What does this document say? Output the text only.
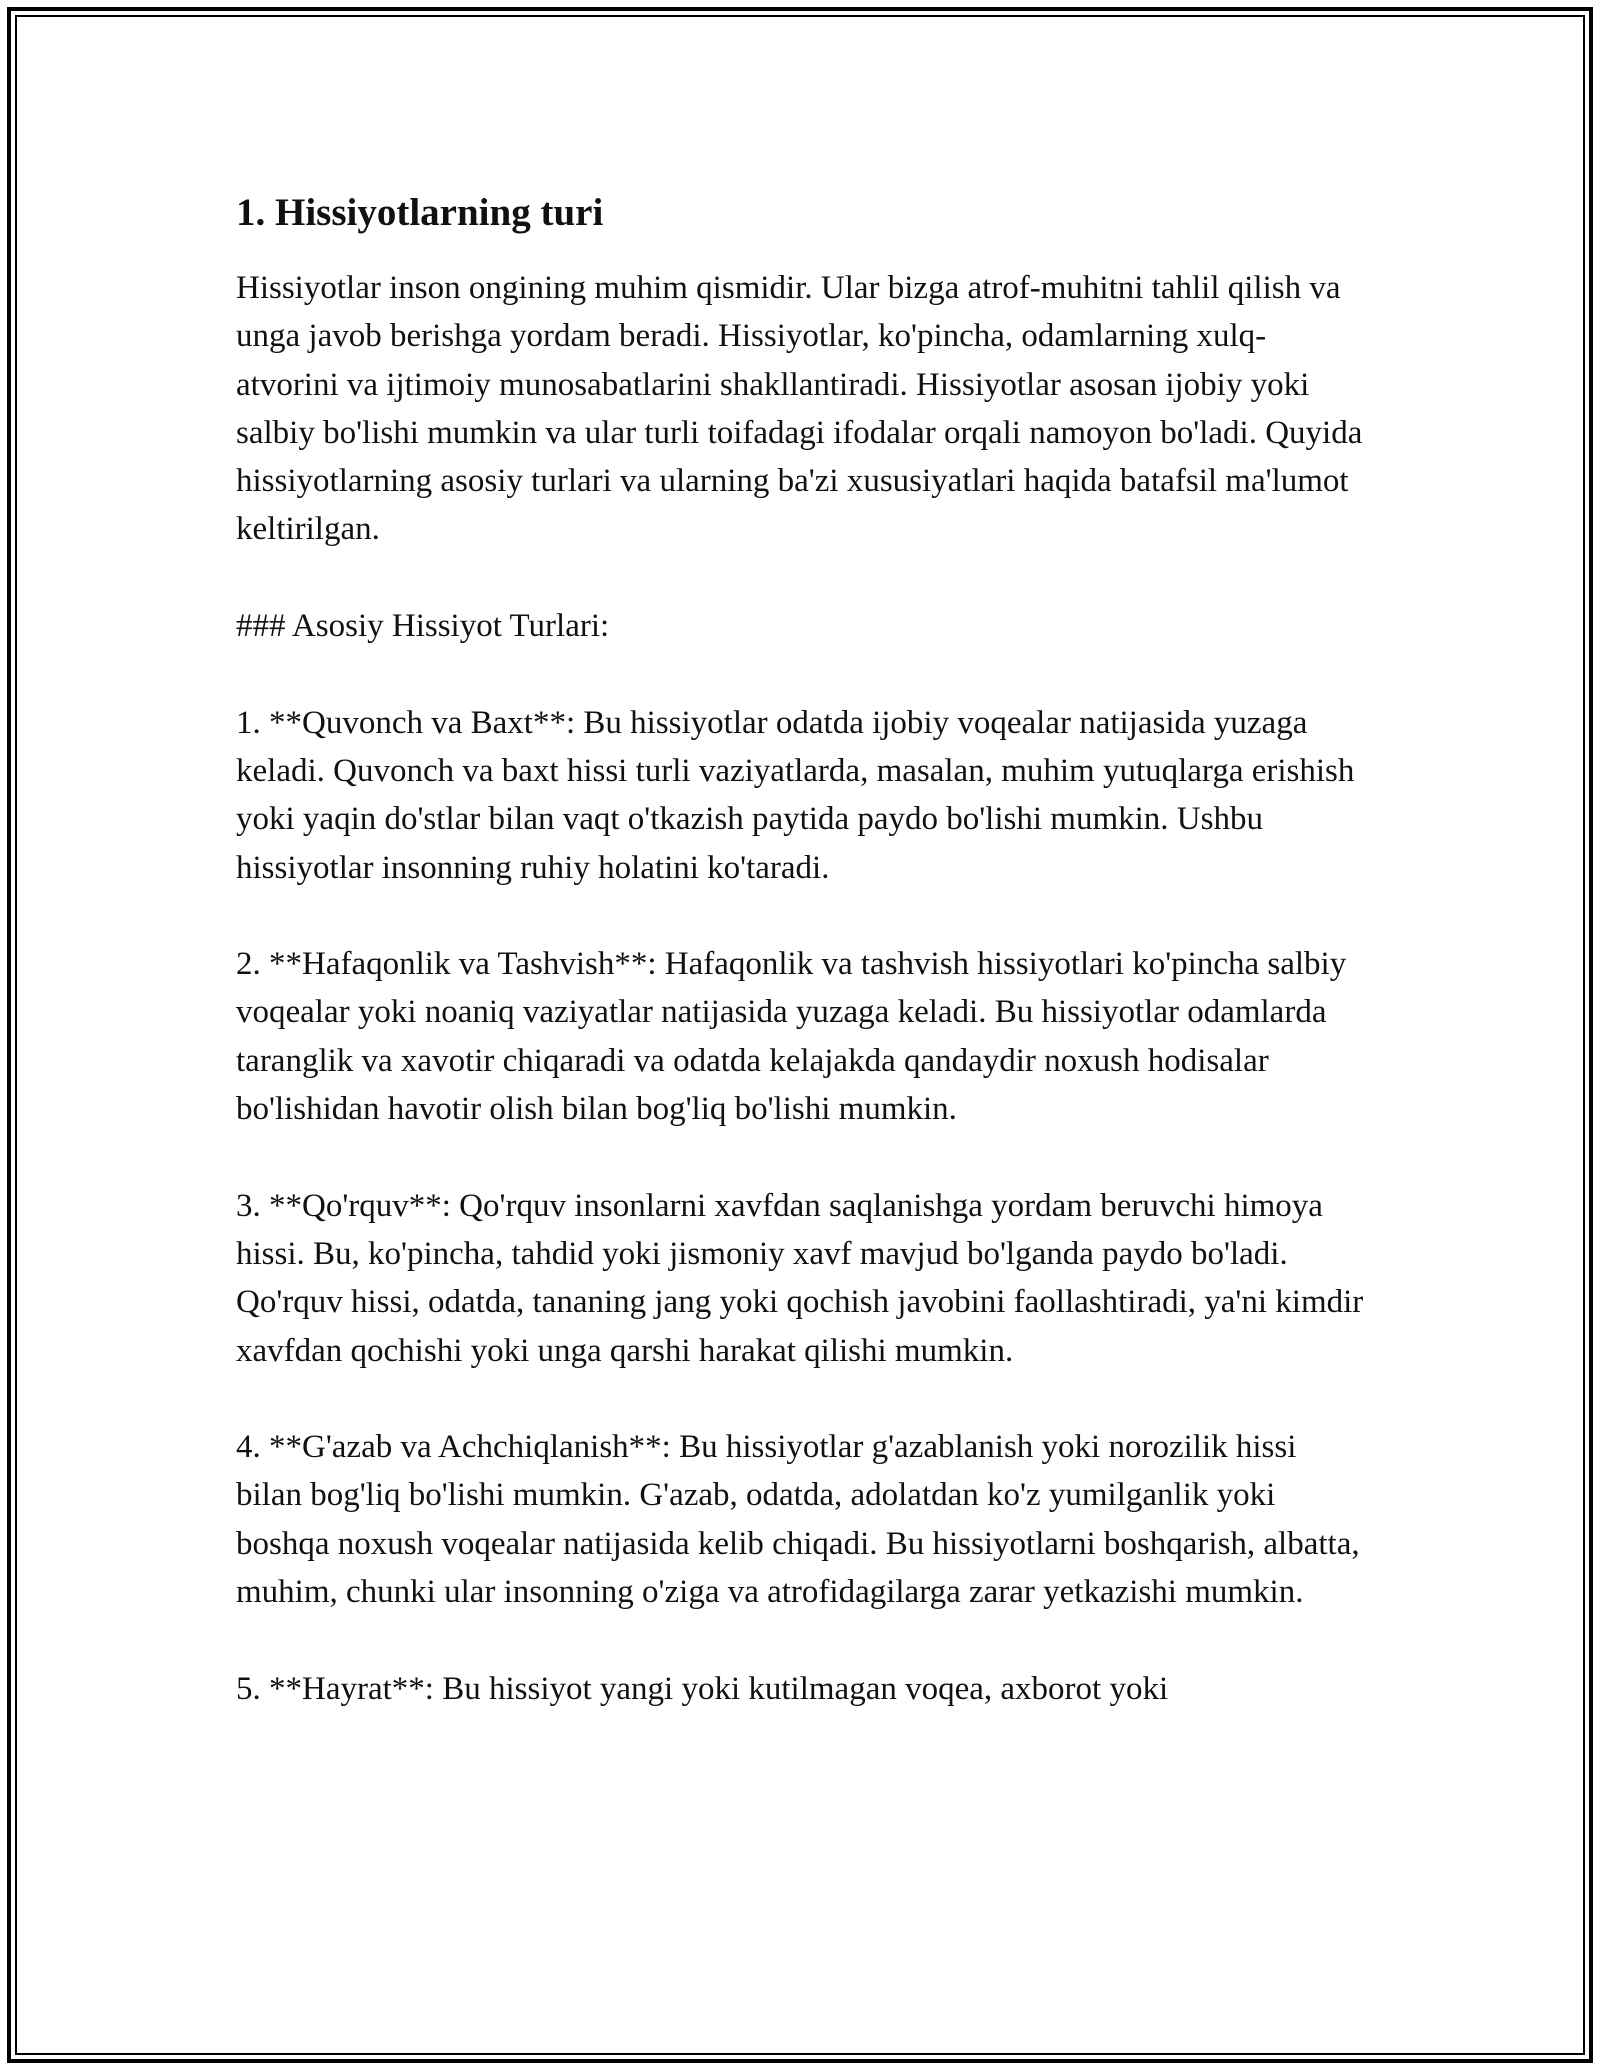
1. Hissiyotlarning turi

Hissiyotlar inson ongining muhim qismidir. Ular bizga atrof-muhitni tahlil qilish va unga javob berishga yordam beradi. Hissiyotlar, ko'pincha, odamlarning xulq-atvorini va ijtimoiy munosabatlarini shakllantiradi. Hissiyotlar asosan ijobiy yoki salbiy bo'lishi mumkin va ular turli toifadagi ifodalar orqali namoyon bo'ladi. Quyida hissiyotlarning asosiy turlari va ularning ba'zi xususiyatlari haqida batafsil ma'lumot keltirilgan.

### Asosiy Hissiyot Turlari:

1. **Quvonch va Baxt**: Bu hissiyotlar odatda ijobiy voqealar natijasida yuzaga keladi. Quvonch va baxt hissi turli vaziyatlarda, masalan, muhim yutuqlarga erishish yoki yaqin do'stlar bilan vaqt o'tkazish paytida paydo bo'lishi mumkin. Ushbu hissiyotlar insonning ruhiy holatini ko'taradi.

2. **Hafaqonlik va Tashvish**: Hafaqonlik va tashvish hissiyotlari ko'pincha salbiy voqealar yoki noaniq vaziyatlar natijasida yuzaga keladi. Bu hissiyotlar odamlarda taranglik va xavotir chiqaradi va odatda kelajakda qandaydir noxush hodisalar bo'lishidan havotir olish bilan bog'liq bo'lishi mumkin.

3. **Qo'rquv**: Qo'rquv insonlarni xavfdan saqlanishga yordam beruvchi himoya hissi. Bu, ko'pincha, tahdid yoki jismoniy xavf mavjud bo'lganda paydo bo'ladi. Qo'rquv hissi, odatda, tananing jang yoki qochish javobini faollashtiradi, ya'ni kimdir xavfdan qochishi yoki unga qarshi harakat qilishi mumkin.

4. **G'azab va Achchiqlanish**: Bu hissiyotlar g'azablanish yoki norozilik hissi bilan bog'liq bo'lishi mumkin. G'azab, odatda, adolatdan ko'z yumilganlik yoki boshqa noxush voqealar natijasida kelib chiqadi. Bu hissiyotlarni boshqarish, albatta, muhim, chunki ular insonning o'ziga va atrofidagilarga zarar yetkazishi mumkin.

5. **Hayrat**: Bu hissiyot yangi yoki kutilmagan voqea, axborot yoki
